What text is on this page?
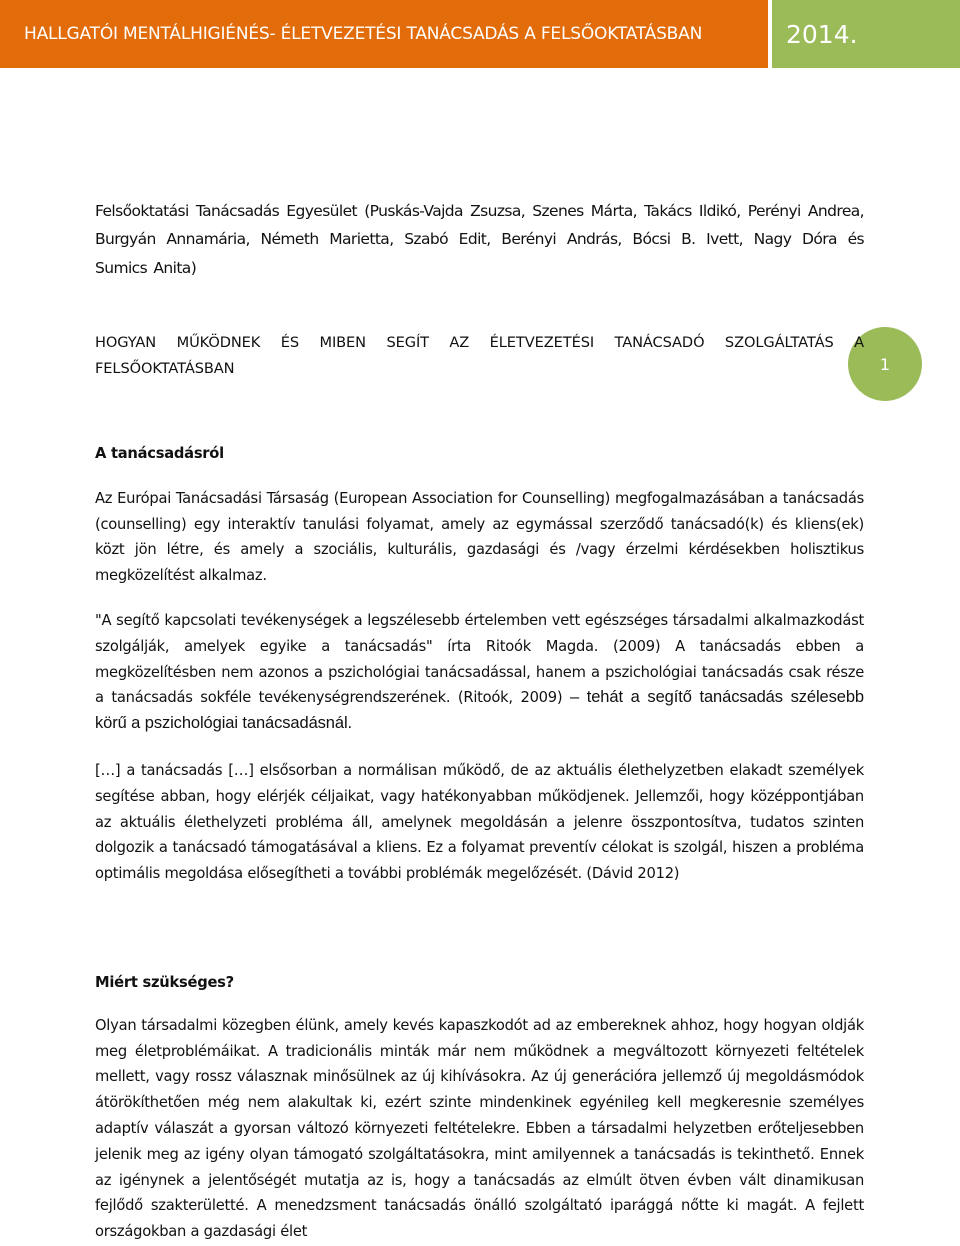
HALLGATÓI MENTÁLHIGIÉNÉS- ÉLETVEZETÉSI TANÁCSADÁS A FELSŐOKTATÁSBAN	2014.
1

Felsőoktatási Tanácsadás Egyesület (Puskás-Vajda Zsuzsa, Szenes Márta, Takács Ildikó, Perényi Andrea, Burgyán Annamária, Németh Marietta, Szabó Edit, Berényi András, Bócsi B. Ivett, Nagy Dóra és Sumics Anita)

HOGYAN MŰKÖDNEK ÉS MIBEN SEGÍT AZ ÉLETVEZETÉSI TANÁCSADÓ SZOLGÁLTATÁS A FELSŐOKTATÁSBAN

A tanácsadásról

Az Európai Tanácsadási Társaság (European Association for Counselling) megfogalmazásában a tanácsadás (counselling) egy interaktív tanulási folyamat, amely az egymással szerződő tanácsadó(k) és kliens(ek) közt jön létre, és amely a szociális, kulturális, gazdasági és /vagy érzelmi kérdésekben holisztikus megközelítést alkalmaz.

"A segítő kapcsolati tevékenységek a legszélesebb értelemben vett egészséges társadalmi alkalmazkodást szolgálják, amelyek egyike a tanácsadás" írta Ritoók Magda. (2009) A tanácsadás ebben a megközelítésben nem azonos a pszichológiai tanácsadással, hanem a pszichológiai tanácsadás csak része a tanácsadás sokféle tevékenységrendszerének. (Ritoók, 2009) – tehát a segítő tanácsadás szélesebb körű a pszichológiai tanácsadásnál.

[…] a tanácsadás […] elsősorban a normálisan működő, de az aktuális élethelyzetben elakadt személyek segítése abban, hogy elérjék céljaikat, vagy hatékonyabban működjenek. Jellemzői, hogy középpontjában az aktuális élethelyzeti probléma áll, amelynek megoldásán a jelenre összpontosítva, tudatos szinten dolgozik a tanácsadó támogatásával a kliens. Ez a folyamat preventív célokat is szolgál, hiszen a probléma optimális megoldása elősegítheti a további problémák megelőzését. (Dávid 2012)

Miért szükséges?

Olyan társadalmi közegben élünk, amely kevés kapaszkodót ad az embereknek ahhoz, hogy hogyan oldják meg életproblémáikat. A tradicionális minták már nem működnek a megváltozott környezeti feltételek mellett, vagy rossz válasznak minősülnek az új kihívásokra. Az új generációra jellemző új megoldásmódok átörökíthetően még nem alakultak ki, ezért szinte mindenkinek egyénileg kell megkeresnie személyes adaptív válaszát a gyorsan változó környezeti feltételekre. Ebben a társadalmi helyzetben erőteljesebben jelenik meg az igény olyan támogató szolgáltatásokra, mint amilyennek a tanácsadás is tekinthető. Ennek az igénynek a jelentőségét mutatja az is, hogy a tanácsadás az elmúlt ötven évben vált dinamikusan fejlődő szakterületté. A menedzsment tanácsadás önálló szolgáltató iparággá nőtte ki magát. A fejlett országokban a gazdasági élet
